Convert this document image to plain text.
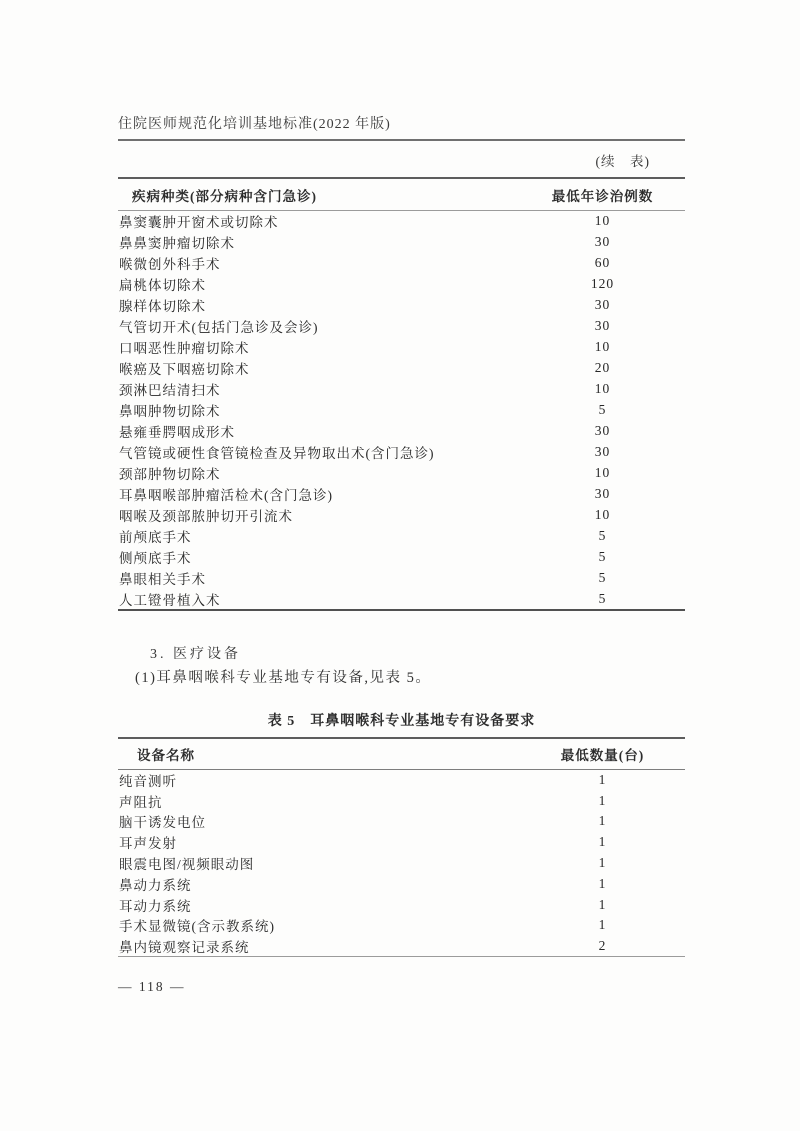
住院医师规范化培训基地标准(2022 年版)
(续　表)
疾病种类(部分病种含门急诊)	最低年诊治例数
鼻窦囊肿开窗术或切除术	10
鼻鼻窦肿瘤切除术	30
喉微创外科手术	60
扁桃体切除术	120
腺样体切除术	30
气管切开术(包括门急诊及会诊)	30
口咽恶性肿瘤切除术	10
喉癌及下咽癌切除术	20
颈淋巴结清扫术	10
鼻咽肿物切除术	5
悬雍垂腭咽成形术	30
气管镜或硬性食管镜检查及异物取出术(含门急诊)	30
颈部肿物切除术	10
耳鼻咽喉部肿瘤活检术(含门急诊)	30
咽喉及颈部脓肿切开引流术	10
前颅底手术	5
侧颅底手术	5
鼻眼相关手术	5
人工镫骨植入术	5
3. 医疗设备
(1)耳鼻咽喉科专业基地专有设备,见表 5。
表 5　耳鼻咽喉科专业基地专有设备要求
设备名称	最低数量(台)
纯音测听	1
声阻抗	1
脑干诱发电位	1
耳声发射	1
眼震电图/视频眼动图	1
鼻动力系统	1
耳动力系统	1
手术显微镜(含示教系统)	1
鼻内镜观察记录系统	2
— 118 —
